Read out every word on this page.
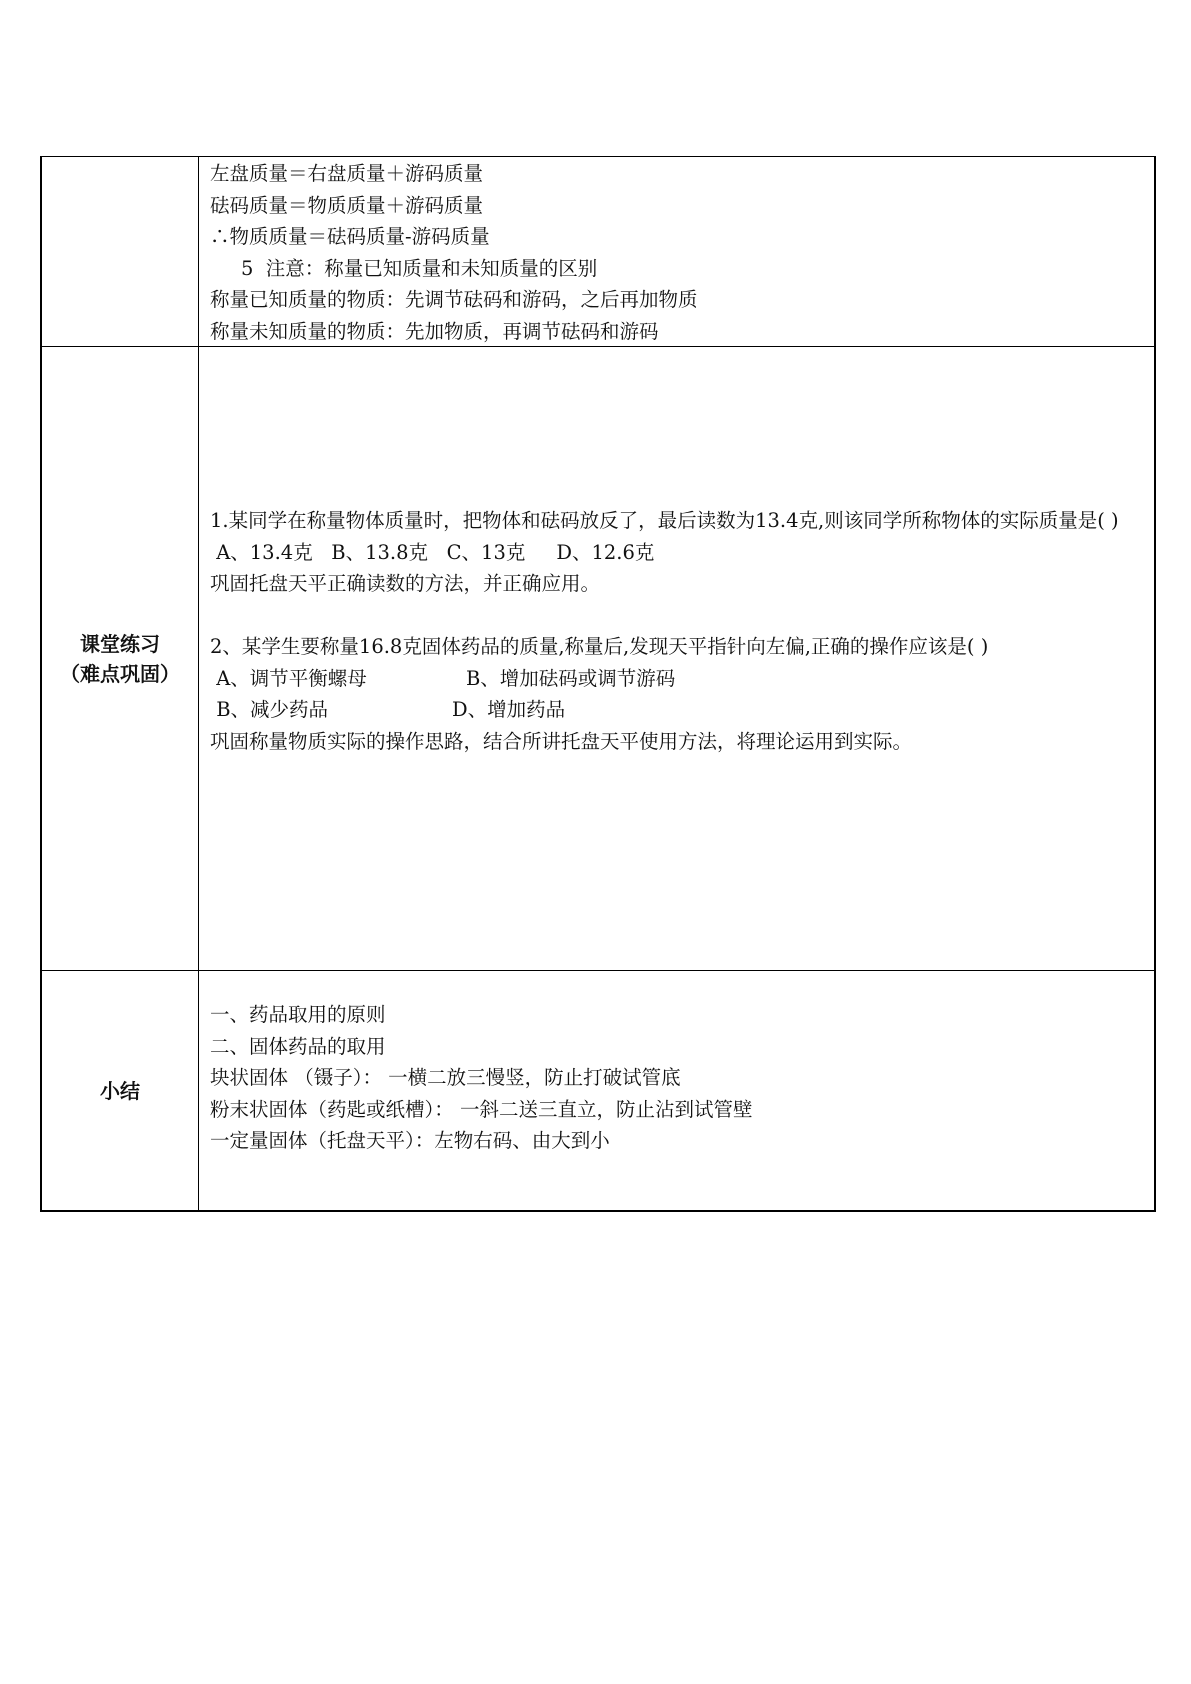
左盘质量＝右盘质量＋游码质量
砝码质量＝物质质量＋游码质量
∴物质质量＝砝码质量-游码质量
5  注意：称量已知质量和未知质量的区别
称量已知质量的物质：先调节砝码和游码，之后再加物质
称量未知质量的物质：先加物质，再调节砝码和游码
课堂练习
（难点巩固）
1.某同学在称量物体质量时，把物体和砝码放反了，最后读数为13.4克,则该同学所称物体的实际质量是( )
A、13.4克   B、13.8克   C、13克     D、12.6克
巩固托盘天平正确读数的方法，并正确应用。
2、某学生要称量16.8克固体药品的质量,称量后,发现天平指针向左偏,正确的操作应该是( )
A、调节平衡螺母                B、增加砝码或调节游码
B、减少药品                    D、增加药品
巩固称量物质实际的操作思路，结合所讲托盘天平使用方法，将理论运用到实际。
小结
一、药品取用的原则
二、固体药品的取用
块状固体 （镊子）： 一横二放三慢竖，防止打破试管底
粉末状固体（药匙或纸槽）： 一斜二送三直立，防止沾到试管壁
一定量固体（托盘天平）：左物右码、由大到小
